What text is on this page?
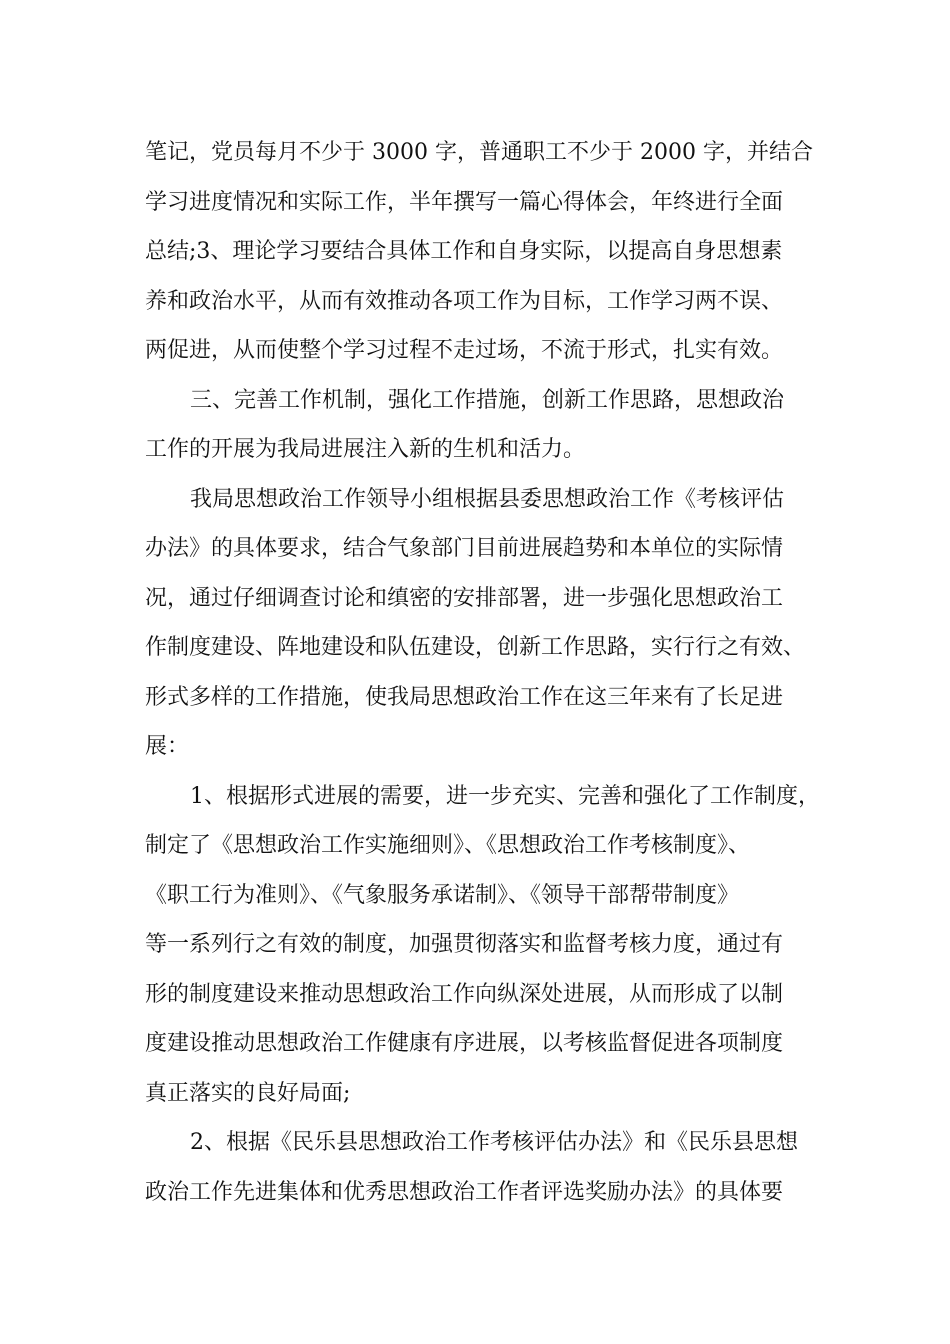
笔记，党员每月不少于 3000 字，普通职工不少于 2000 字，并结合
学习进度情况和实际工作，半年撰写一篇心得体会，年终进行全面
总结;3、理论学习要结合具体工作和自身实际，以提高自身思想素
养和政治水平，从而有效推动各项工作为目标，工作学习两不误、
两促进，从而使整个学习过程不走过场，不流于形式，扎实有效。
三、完善工作机制，强化工作措施，创新工作思路，思想政治
工作的开展为我局进展注入新的生机和活力。
我局思想政治工作领导小组根据县委思想政治工作《考核评估
办法》的具体要求，结合气象部门目前进展趋势和本单位的实际情
况，通过仔细调查讨论和缜密的安排部署，进一步强化思想政治工
作制度建设、阵地建设和队伍建设，创新工作思路，实行行之有效、
形式多样的工作措施，使我局思想政治工作在这三年来有了长足进
展：
1、根据形式进展的需要，进一步充实、完善和强化了工作制度，
制定了《思想政治工作实施细则》、《思想政治工作考核制度》、
《职工行为准则》、《气象服务承诺制》、《领导干部帮带制度》
等一系列行之有效的制度，加强贯彻落实和监督考核力度，通过有
形的制度建设来推动思想政治工作向纵深处进展，从而形成了以制
度建设推动思想政治工作健康有序进展，以考核监督促进各项制度
真正落实的良好局面;
2、根据《民乐县思想政治工作考核评估办法》和《民乐县思想
政治工作先进集体和优秀思想政治工作者评选奖励办法》的具体要
